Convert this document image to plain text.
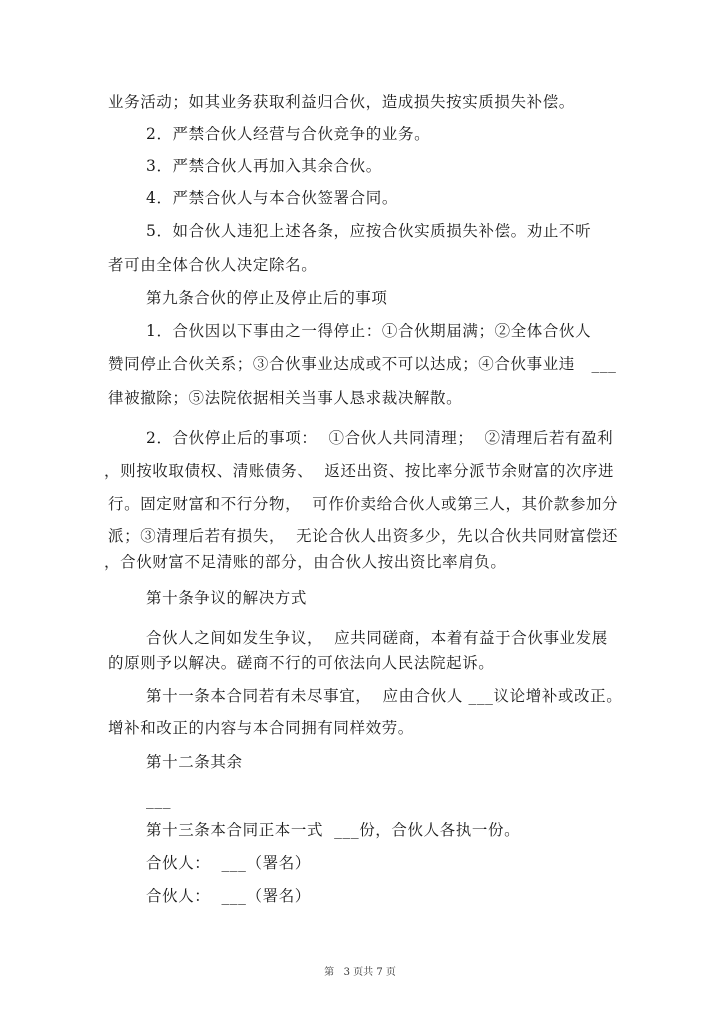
业务活动；如其业务获取利益归合伙，造成损失按实质损失补偿。
2．严禁合伙人经营与合伙竞争的业务。
3．严禁合伙人再加入其余合伙。
4．严禁合伙人与本合伙签署合同。
5．如合伙人违犯上述各条，应按合伙实质损失补偿。劝止不听
者可由全体合伙人决定除名。
第九条合伙的停止及停止后的事项
1．合伙因以下事由之一得停止：①合伙期届满；②全体合伙人
赞同停止合伙关系；③合伙事业达成或不可以达成；④合伙事业违   ___
律被撤除；⑤法院依据相关当事人恳求裁决解散。
2．合伙停止后的事项：  ①合伙人共同清理；  ②清理后若有盈利
，则按收取债权、清账债务、  返还出资、按比率分派节余财富的次序进
行。固定财富和不行分物，  可作价卖给合伙人或第三人，其价款参加分
派；③清理后若有损失，  无论合伙人出资多少，先以合伙共同财富偿还
，合伙财富不足清账的部分，由合伙人按出资比率肩负。
第十条争议的解决方式
合伙人之间如发生争议，  应共同磋商，本着有益于合伙事业发展
的原则予以解决。磋商不行的可依法向人民法院起诉。
第十一条本合同若有未尽事宜，  应由合伙人 ___议论增补或改正。
增补和改正的内容与本合同拥有同样效劳。
第十二条其余
___
第十三条本合同正本一式  ___份，合伙人各执一份。
合伙人：  ___（署名）
合伙人：  ___（署名）
第   3 页共 7 页
